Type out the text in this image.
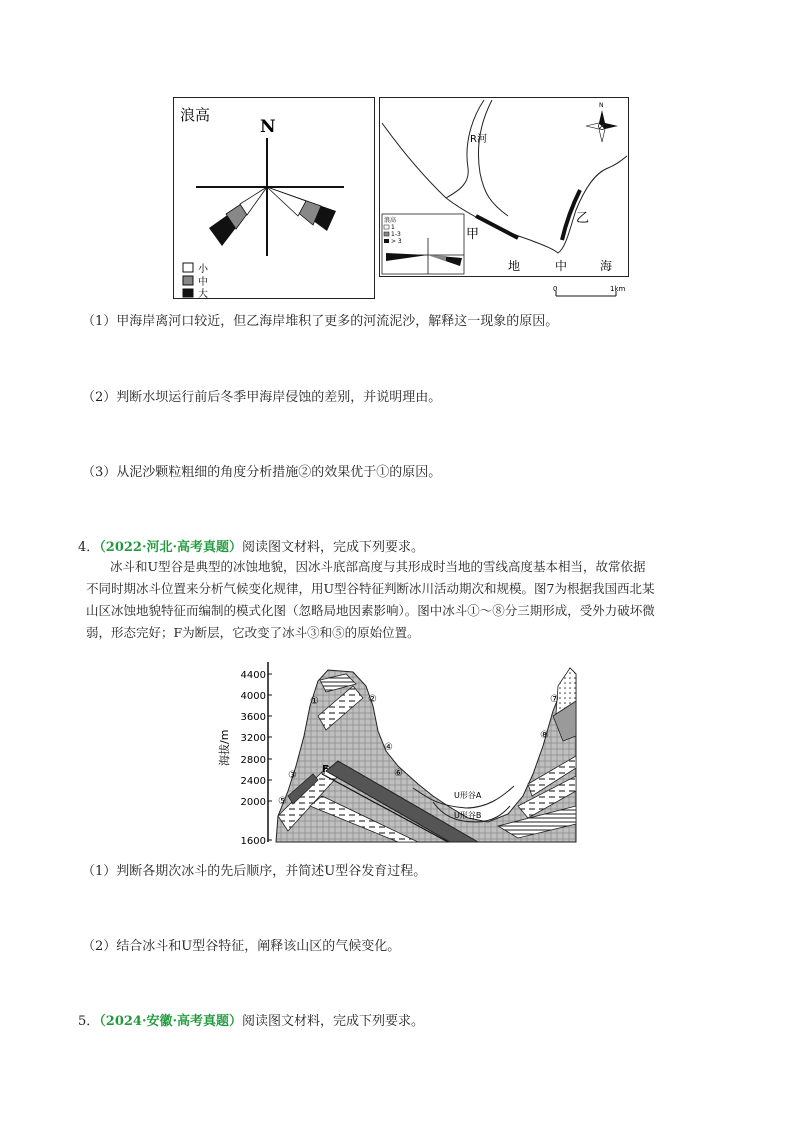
浪高
N
小
中
大
R河
甲
乙
地	中	海
N
浪高
1
1-3
> 3
0	1km
（1）甲海岸离河口较近，但乙海岸堆积了更多的河流泥沙，解释这一现象的原因。
（2）判断水坝运行前后冬季甲海岸侵蚀的差别，并说明理由。
（3）从泥沙颗粒粗细的角度分析措施②的效果优于①的原因。
4．（2022·河北·高考真题）阅读图文材料，完成下列要求。
冰斗和U型谷是典型的冰蚀地貌，因冰斗底部高度与其形成时当地的雪线高度基本相当，故常依据
不同时期冰斗位置来分析气候变化规律，用U型谷特征判断冰川活动期次和规模。图7为根据我国西北某
山区冰蚀地貌特征而编制的模式化图（忽略局地因素影响）。图中冰斗①～⑧分三期形成，受外力破坏微
弱，形态完好；F为断层，它改变了冰斗③和⑤的原始位置。
海拔/m
4400
4000
3600
3200
2800
2400
2000
1600
U形谷A
U形谷B
①	②
③
④
⑤
⑥
⑦
⑧
F
（1）判断各期次冰斗的先后顺序，并简述U型谷发育过程。
（2）结合冰斗和U型谷特征，阐释该山区的气候变化。
5．（2024·安徽·高考真题）阅读图文材料，完成下列要求。
